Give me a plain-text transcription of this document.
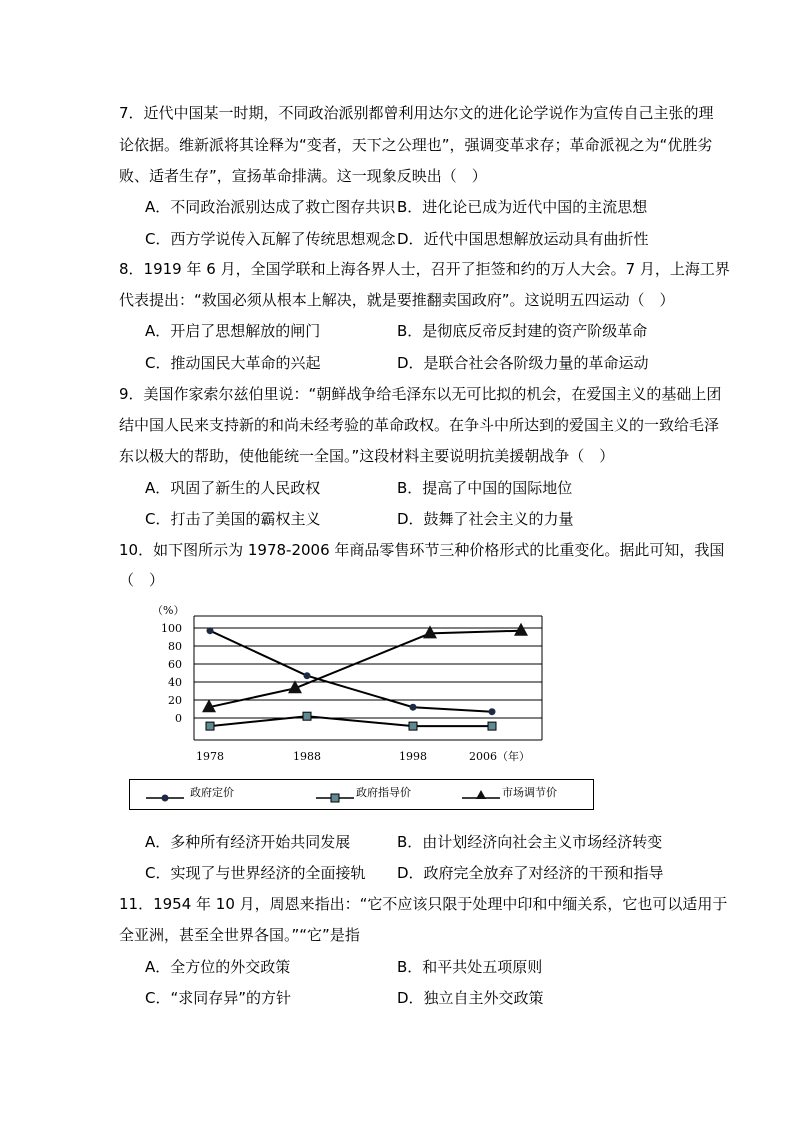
7．近代中国某一时期，不同政治派别都曾利用达尔文的进化论学说作为宣传自己主张的理
论依据。维新派将其诠释为“变者，天下之公理也”，强调变革求存；革命派视之为“优胜劣
败、适者生存”，宣扬革命排满。这一现象反映出（　）
A．不同政治派别达成了救亡图存共识 B．进化论已成为近代中国的主流思想
C．西方学说传入瓦解了传统思想观念 D．近代中国思想解放运动具有曲折性
8．1919 年 6 月，全国学联和上海各界人士，召开了拒签和约的万人大会。7 月，上海工界
代表提出：“救国必须从根本上解决，就是要推翻卖国政府”。这说明五四运动（　）
A．开启了思想解放的闸门	B．是彻底反帝反封建的资产阶级革命
C．推动国民大革命的兴起	D．是联合社会各阶级力量的革命运动
9．美国作家索尔兹伯里说：“朝鲜战争给毛泽东以无可比拟的机会，在爱国主义的基础上团
结中国人民来支持新的和尚未经考验的革命政权。在争斗中所达到的爱国主义的一致给毛泽
东以极大的帮助，使他能统一全国。”这段材料主要说明抗美援朝战争（　）
A．巩固了新生的人民政权	B．提高了中国的国际地位
C．打击了美国的霸权主义	D．鼓舞了社会主义的力量
10．如下图所示为 1978-2006 年商品零售环节三种价格形式的比重变化。据此可知，我国
（　）
（%）
100
80
60
40
20
0
1978	1988	1998	2006（年）
政府定价	政府指导价	市场调节价
A．多种所有经济开始共同发展	B．由计划经济向社会主义市场经济转变
C．实现了与世界经济的全面接轨 D．政府完全放弃了对经济的干预和指导
11．1954 年 10 月，周恩来指出：“它不应该只限于处理中印和中缅关系，它也可以适用于
全亚洲，甚至全世界各国。”“它”是指
A．全方位的外交政策	B．和平共处五项原则
C．“求同存异”的方针	D．独立自主外交政策
